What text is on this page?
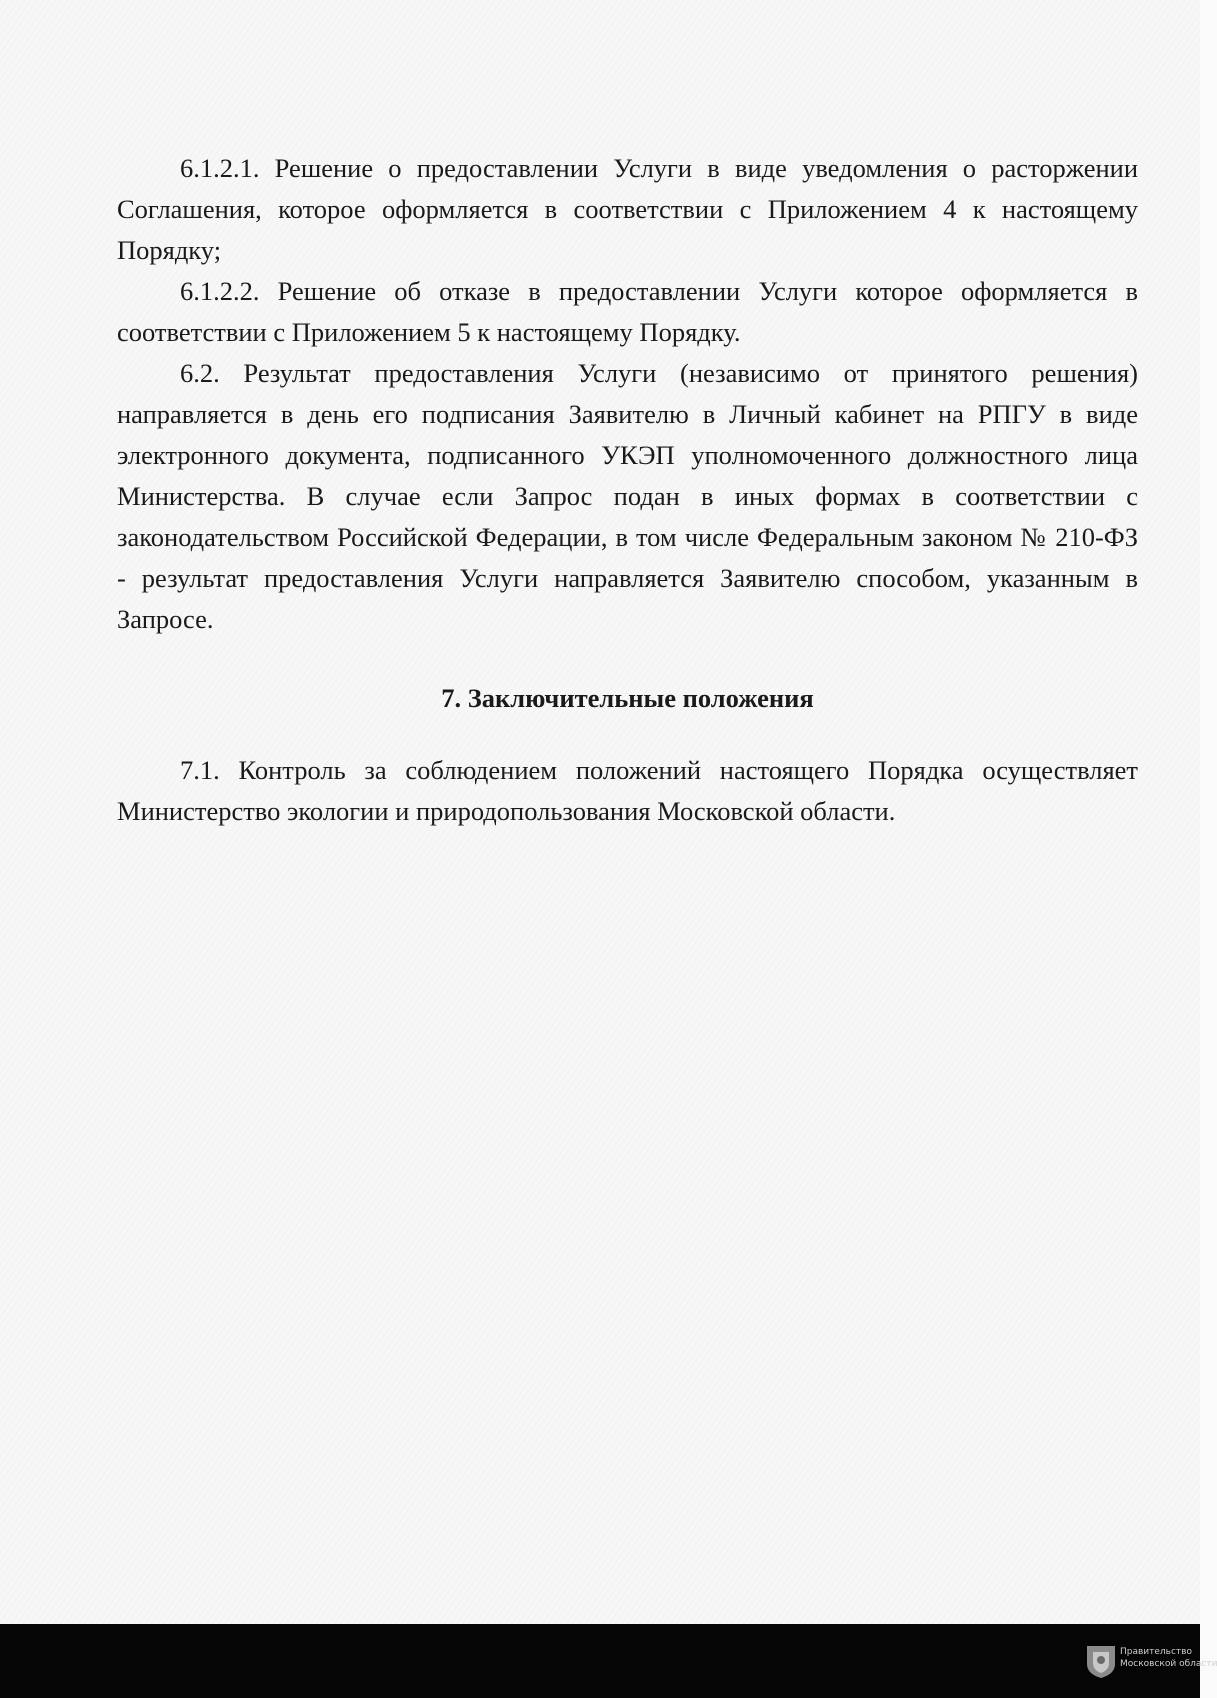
6.1.2.1. Решение о предоставлении Услуги в виде уведомления о расторжении Соглашения, которое оформляется в соответствии с Приложением 4 к настоящему Порядку;

6.1.2.2. Решение об отказе в предоставлении Услуги которое оформляется в соответствии с Приложением 5 к настоящему Порядку.

6.2. Результат предоставления Услуги (независимо от принятого решения) направляется в день его подписания Заявителю в Личный кабинет на РПГУ в виде электронного документа, подписанного УКЭП уполномоченного должностного лица Министерства. В случае если Запрос подан в иных формах в соответствии с законодательством Российской Федерации, в том числе Федеральным законом № 210-ФЗ - результат предоставления Услуги направляется Заявителю способом, указанным в Запросе.

7. Заключительные положения

7.1. Контроль за соблюдением положений настоящего Порядка осуществляет Министерство экологии и природопользования Московской области.

Правительство
Московской области
